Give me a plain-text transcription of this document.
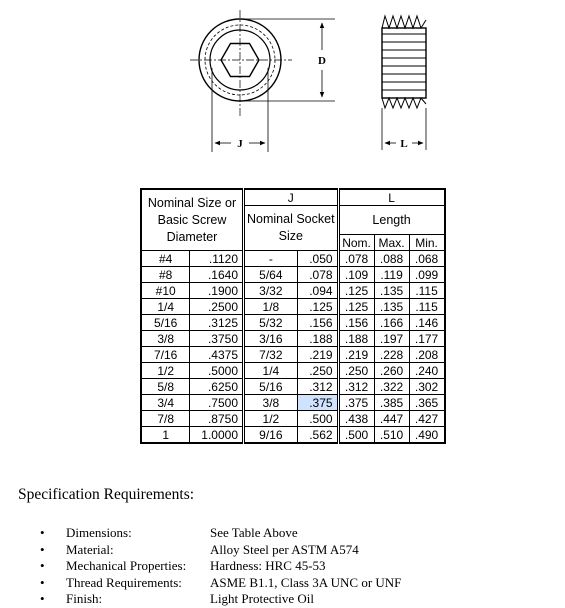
D
J	L
Nominal Size or
Basic Screw
Diameter		J		L		
		Nominal Socket
Size		Length		
				Nom.	Max.	Min.
#4	.1120	-	.050	.078	.088	.068
#8	.1640	5/64	.078	.109	.119	.099
#10	.1900	3/32	.094	.125	.135	.115
1/4	.2500	1/8	.125	.125	.135	.115
5/16	.3125	5/32	.156	.156	.166	.146
3/8	.3750	3/16	.188	.188	.197	.177
7/16	.4375	7/32	.219	.219	.228	.208
1/2	.5000	1/4	.250	.250	.260	.240
5/8	.6250	5/16	.312	.312	.322	.302
3/4	.7500	3/8	.375	.375	.385	.365
7/8	.8750	1/2	.500	.438	.447	.427
1	1.0000	9/16	.562	.500	.510	.490
Specification Requirements:
• Dimensions:	See Table Above
• Material:	Alloy Steel per ASTM A574
• Mechanical Properties: Hardness: HRC 45-53
• Thread Requirements: ASME B1.1, Class 3A UNC or UNF
• Finish:	Light Protective Oil
